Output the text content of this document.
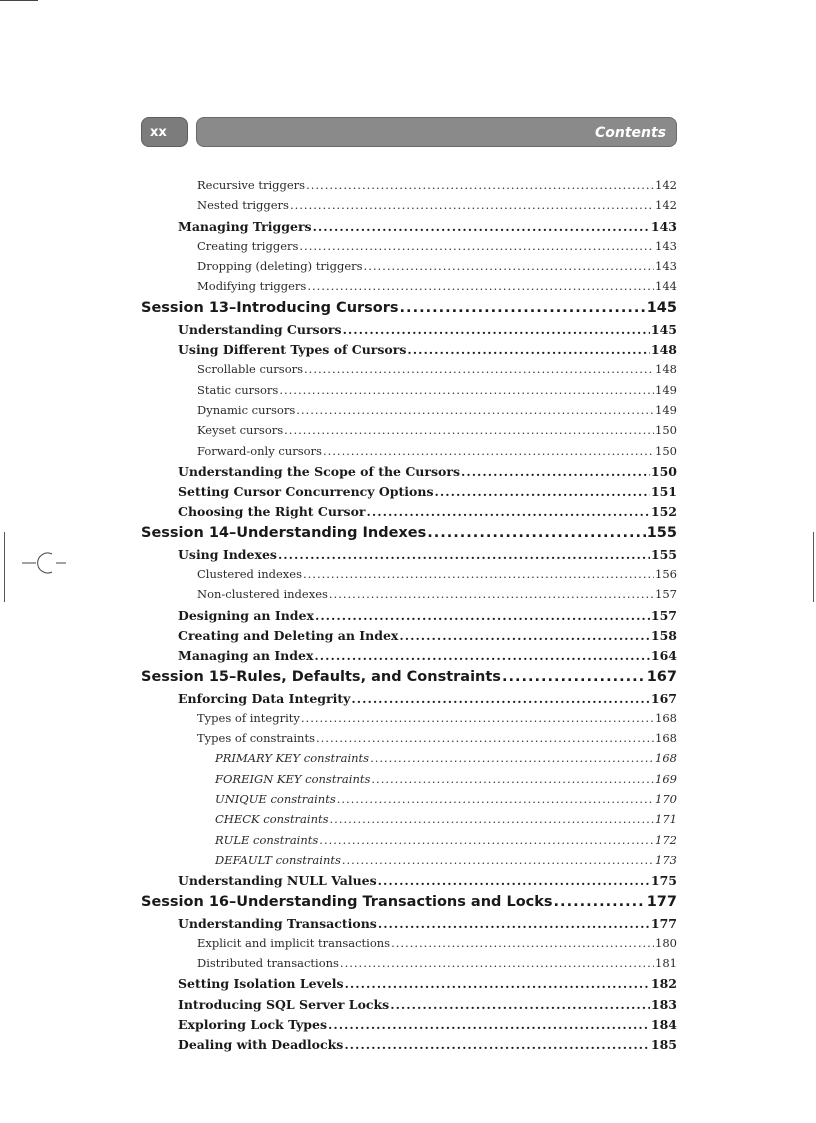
xx	Contents
Recursive triggers .....	142
Nested triggers .....	142
Managing Triggers .....	143
Creating triggers .....	143
Dropping (deleting) triggers .....	143
Modifying triggers .....	144
Session 13–Introducing Cursors .....	145
Understanding Cursors .....	145
Using Different Types of Cursors .....	148
Scrollable cursors .....	148
Static cursors .....	149
Dynamic cursors .....	149
Keyset cursors .....	150
Forward-only cursors .....	150
Understanding the Scope of the Cursors .....	150
Setting Cursor Concurrency Options .....	151
Choosing the Right Cursor .....	152
Session 14–Understanding Indexes .....	155
Using Indexes .....	155
Clustered indexes .....	156
Non-clustered indexes .....	157
Designing an Index .....	157
Creating and Deleting an Index .....	158
Managing an Index .....	164
Session 15–Rules, Defaults, and Constraints .....	167
Enforcing Data Integrity .....	167
Types of integrity .....	168
Types of constraints .....	168
PRIMARY KEY constraints .....	168
FOREIGN KEY constraints .....	169
UNIQUE constraints .....	170
CHECK constraints .....	171
RULE constraints .....	172
DEFAULT constraints .....	173
Understanding NULL Values .....	175
Session 16–Understanding Transactions and Locks .....	177
Understanding Transactions .....	177
Explicit and implicit transactions .....	180
Distributed transactions .....	181
Setting Isolation Levels .....	182
Introducing SQL Server Locks .....	183
Exploring Lock Types .....	184
Dealing with Deadlocks .....	185
